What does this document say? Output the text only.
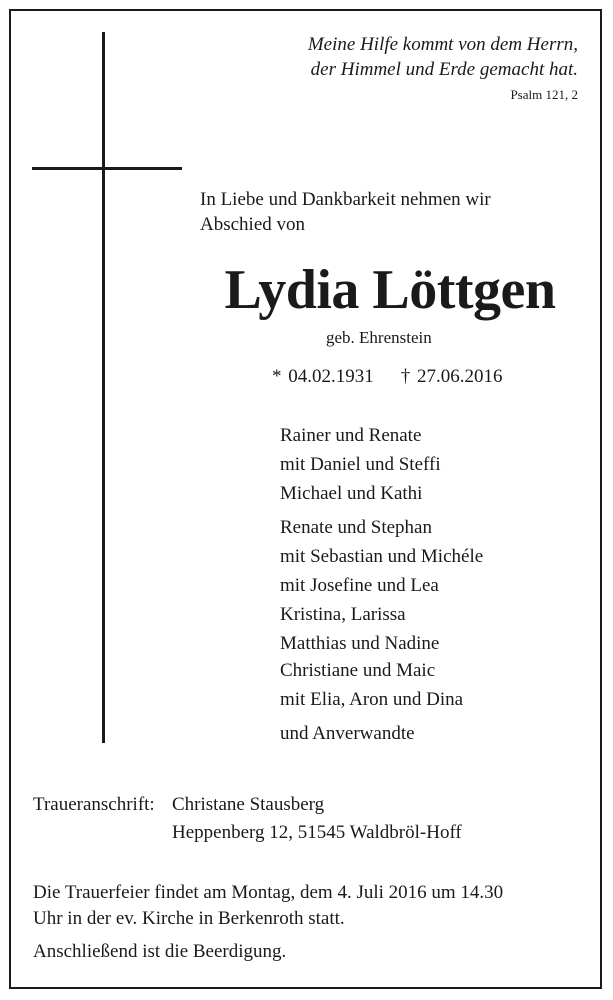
Meine Hilfe kommt von dem Herrn,
der Himmel und Erde gemacht hat.
Psalm 121, 2
In Liebe und Dankbarkeit nehmen wir
Abschied von
Lydia Löttgen
geb. Ehrenstein
* 04.02.1931    † 27.06.2016
Rainer und Renate
mit Daniel und Steffi
Michael und Kathi
Renate und Stephan
mit Sebastian und Michéle
mit Josefine und Lea
Kristina, Larissa
Matthias und Nadine
Christiane und Maic
mit Elia, Aron und Dina
und Anverwandte
Traueranschrift: Christane Stausberg
Heppenberg 12, 51545 Waldbröl-Hoff
Die Trauerfeier findet am Montag, dem 4. Juli 2016 um 14.30
Uhr in der ev. Kirche in Berkenroth statt.
Anschließend ist die Beerdigung.
